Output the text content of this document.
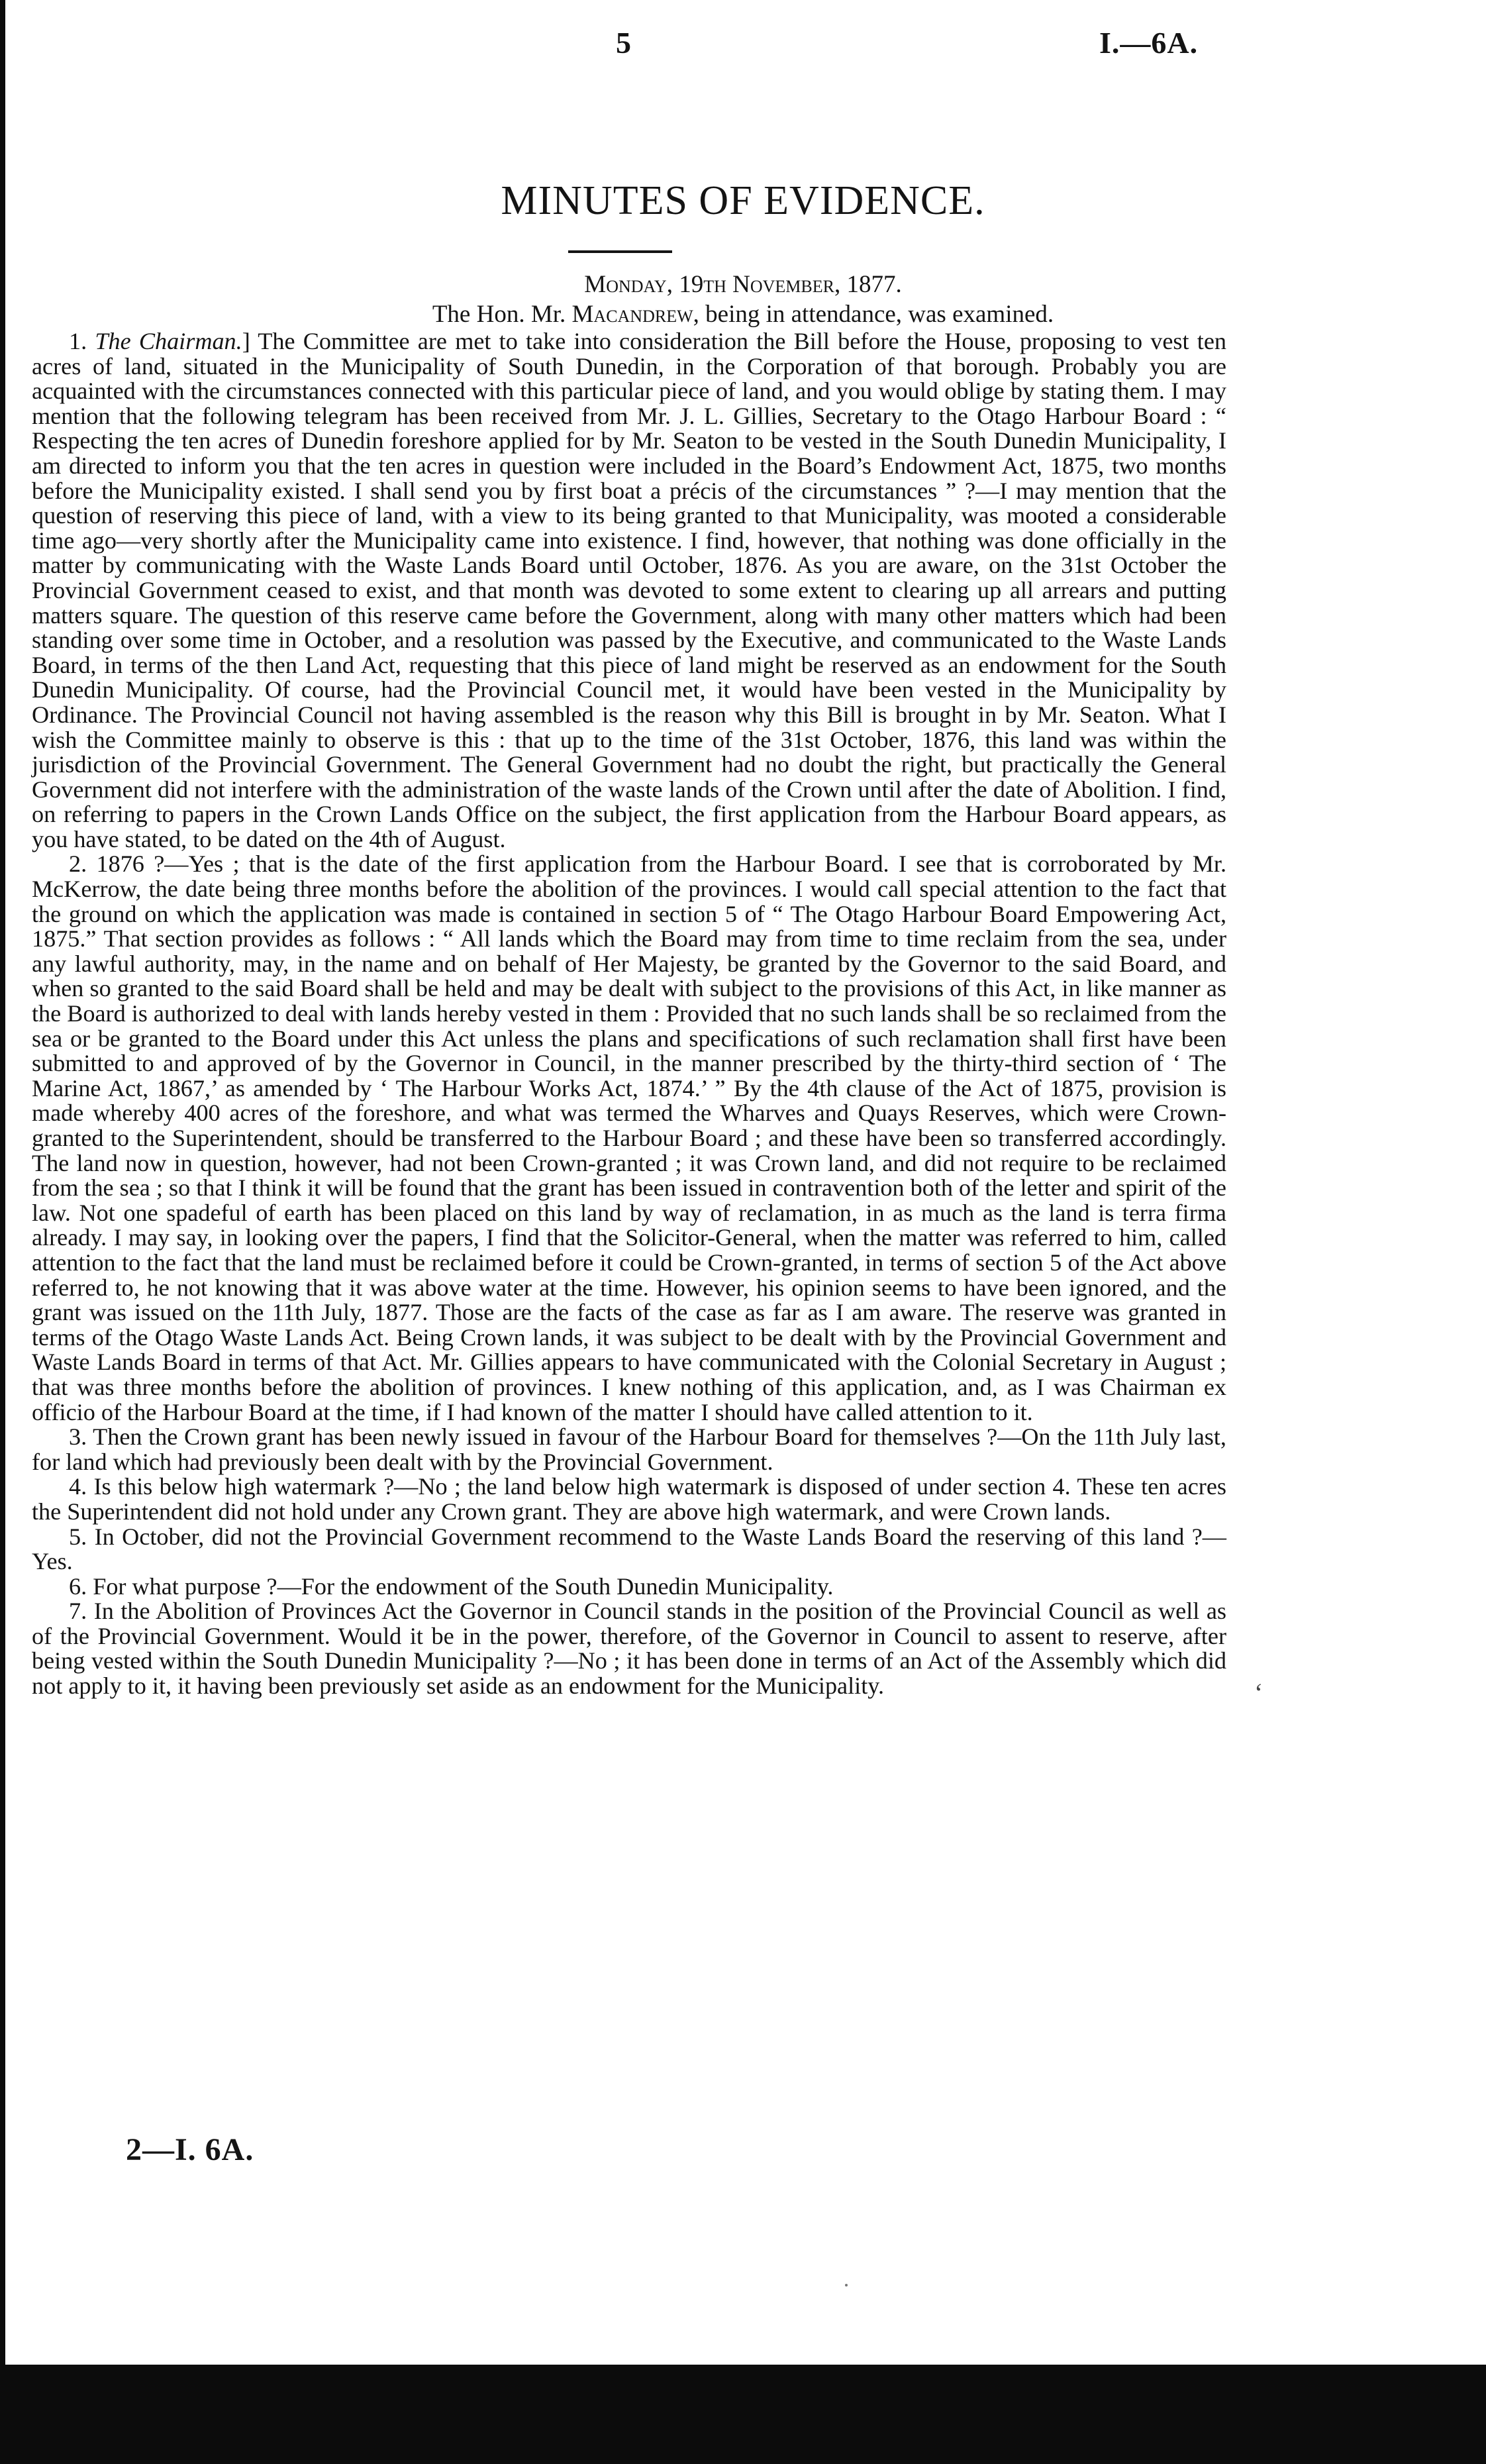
5	I.—6A.
MINUTES OF EVIDENCE.
Monday, 19th November, 1877.
The Hon. Mr. Macandrew, being in attendance, was examined.

1. The Chairman.] The Committee are met to take into consideration the Bill before the House, proposing to vest ten acres of land, situated in the Municipality of South Dunedin, in the Corporation of that borough. Probably you are acquainted with the circumstances connected with this particular piece of land, and you would oblige by stating them. I may mention that the following telegram has been received from Mr. J. L. Gillies, Secretary to the Otago Harbour Board : “ Respecting the ten acres of Dunedin foreshore applied for by Mr. Seaton to be vested in the South Dunedin Municipality, I am directed to inform you that the ten acres in question were included in the Board’s Endowment Act, 1875, two months before the Municipality existed. I shall send you by first boat a précis of the circumstances ” ?—I may mention that the question of reserving this piece of land, with a view to its being granted to that Municipality, was mooted a considerable time ago—very shortly after the Municipality came into existence. I find, however, that nothing was done officially in the matter by communicating with the Waste Lands Board until October, 1876. As you are aware, on the 31st October the Provincial Government ceased to exist, and that month was devoted to some extent to clearing up all arrears and putting matters square. The question of this reserve came before the Government, along with many other matters which had been standing over some time in October, and a resolution was passed by the Executive, and communicated to the Waste Lands Board, in terms of the then Land Act, requesting that this piece of land might be reserved as an endowment for the South Dunedin Municipality. Of course, had the Provincial Council met, it would have been vested in the Municipality by Ordinance. The Provincial Council not having assembled is the reason why this Bill is brought in by Mr. Seaton. What I wish the Committee mainly to observe is this : that up to the time of the 31st October, 1876, this land was within the jurisdiction of the Provincial Government. The General Government had no doubt the right, but practically the General Government did not interfere with the administration of the waste lands of the Crown until after the date of Abolition. I find, on referring to papers in the Crown Lands Office on the subject, the first application from the Harbour Board appears, as you have stated, to be dated on the 4th of August.

2. 1876 ?—Yes ; that is the date of the first application from the Harbour Board. I see that is corroborated by Mr. McKerrow, the date being three months before the abolition of the provinces. I would call special attention to the fact that the ground on which the application was made is contained in section 5 of “ The Otago Harbour Board Empowering Act, 1875.” That section provides as follows : “ All lands which the Board may from time to time reclaim from the sea, under any lawful authority, may, in the name and on behalf of Her Majesty, be granted by the Governor to the said Board, and when so granted to the said Board shall be held and may be dealt with subject to the provisions of this Act, in like manner as the Board is authorized to deal with lands hereby vested in them : Provided that no such lands shall be so reclaimed from the sea or be granted to the Board under this Act unless the plans and specifications of such reclamation shall first have been submitted to and approved of by the Governor in Council, in the manner prescribed by the thirty-third section of ‘ The Marine Act, 1867,’ as amended by ‘ The Harbour Works Act, 1874.’ ” By the 4th clause of the Act of 1875, provision is made whereby 400 acres of the foreshore, and what was termed the Wharves and Quays Reserves, which were Crown-granted to the Superintendent, should be transferred to the Harbour Board ; and these have been so transferred accordingly. The land now in question, however, had not been Crown-granted ; it was Crown land, and did not require to be reclaimed from the sea ; so that I think it will be found that the grant has been issued in contravention both of the letter and spirit of the law. Not one spadeful of earth has been placed on this land by way of reclamation, in as much as the land is terra firma already. I may say, in looking over the papers, I find that the Solicitor-General, when the matter was referred to him, called attention to the fact that the land must be reclaimed before it could be Crown-granted, in terms of section 5 of the Act above referred to, he not knowing that it was above water at the time. However, his opinion seems to have been ignored, and the grant was issued on the 11th July, 1877. Those are the facts of the case as far as I am aware. The reserve was granted in terms of the Otago Waste Lands Act. Being Crown lands, it was subject to be dealt with by the Provincial Government and Waste Lands Board in terms of that Act. Mr. Gillies appears to have communicated with the Colonial Secretary in August ; that was three months before the abolition of provinces. I knew nothing of this application, and, as I was Chairman ex officio of the Harbour Board at the time, if I had known of the matter I should have called attention to it.

3. Then the Crown grant has been newly issued in favour of the Harbour Board for themselves ?—On the 11th July last, for land which had previously been dealt with by the Provincial Government.

4. Is this below high watermark ?—No ; the land below high watermark is disposed of under section 4. These ten acres the Superintendent did not hold under any Crown grant. They are above high watermark, and were Crown lands.

5. In October, did not the Provincial Government recommend to the Waste Lands Board the reserving of this land ?—Yes.

6. For what purpose ?—For the endowment of the South Dunedin Municipality.

7. In the Abolition of Provinces Act the Governor in Council stands in the position of the Provincial Council as well as of the Provincial Government. Would it be in the power, therefore, of the Governor in Council to assent to reserve, after being vested within the South Dunedin Municipality ?—No ; it has been done in terms of an Act of the Assembly which did not apply to it, it having been previously set aside as an endowment for the Municipality.

2—I. 6A.
‘
